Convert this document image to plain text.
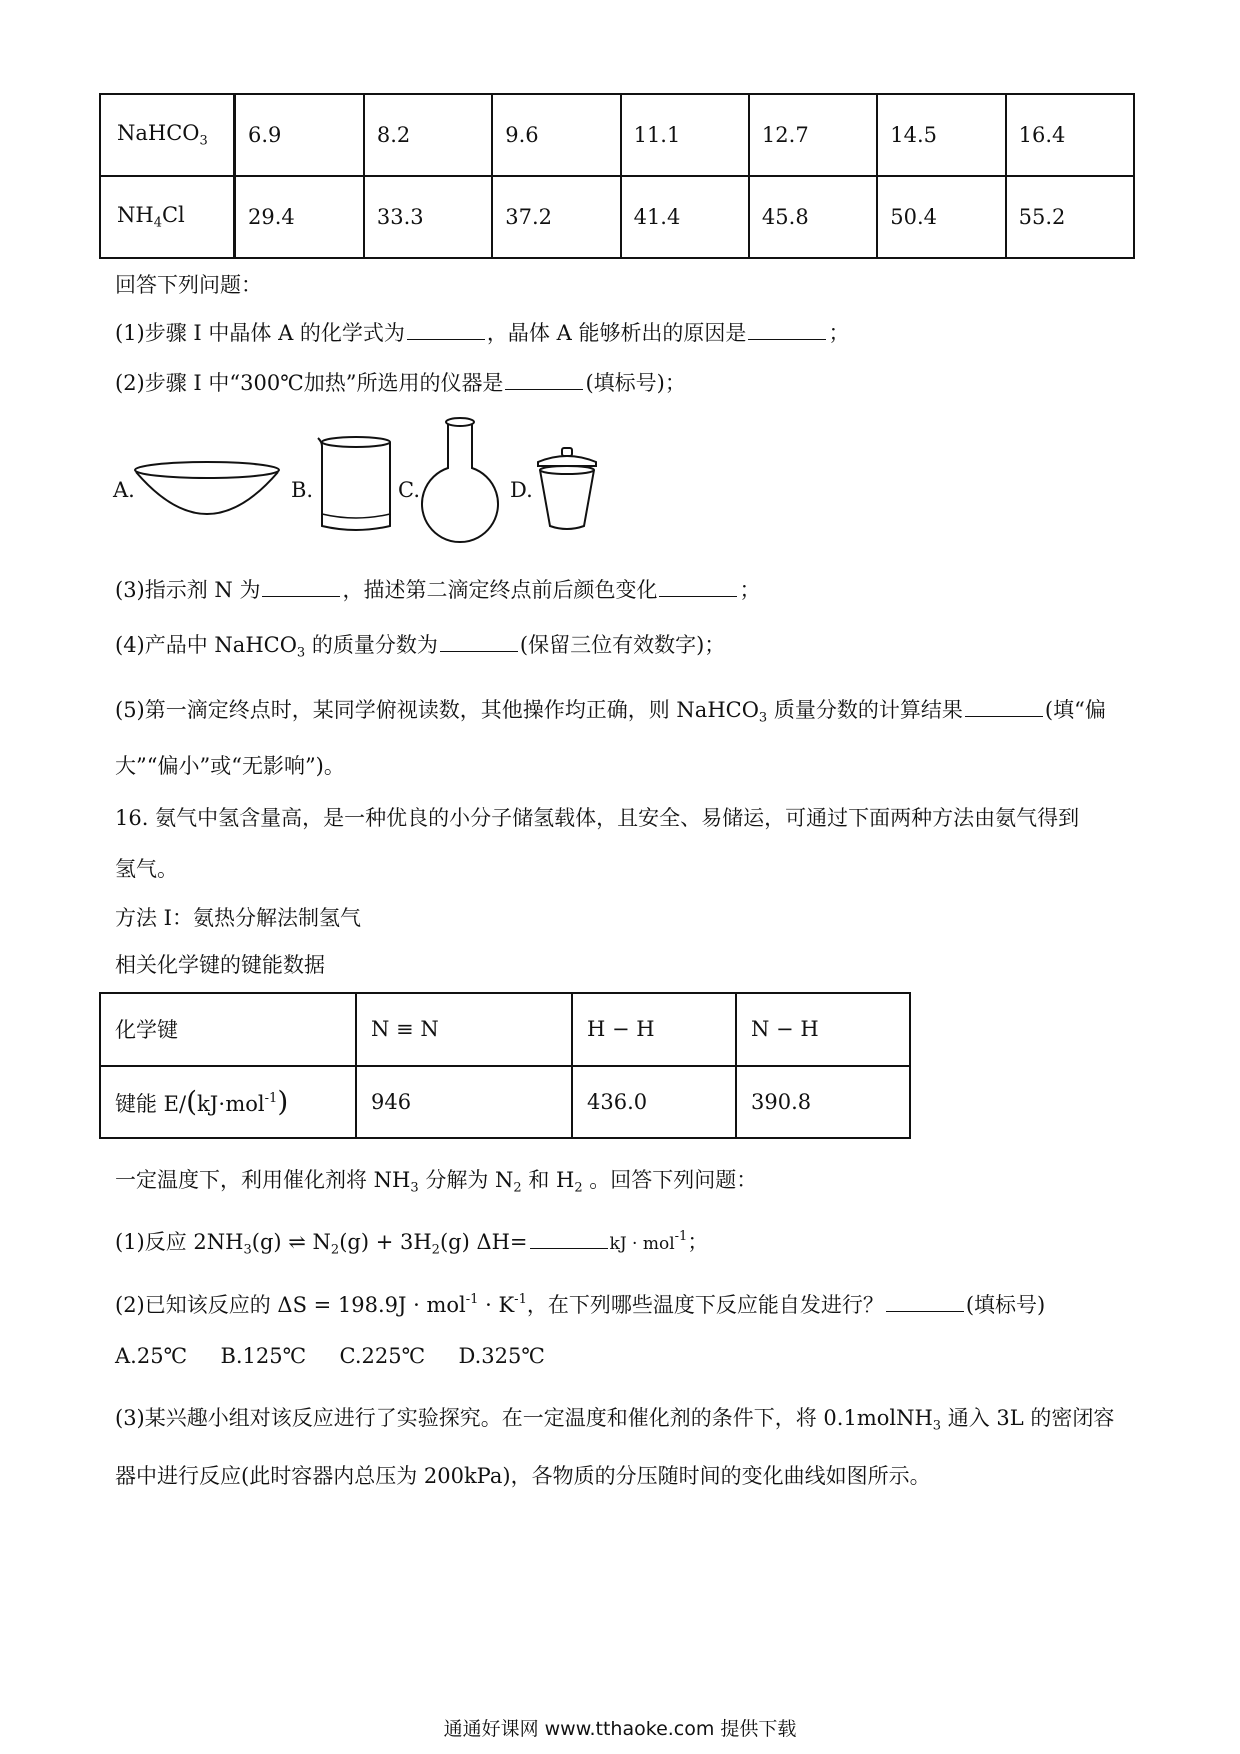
NaHCO$_3$	6.9	8.2	9.6	11.1	12.7	14.5	16.4
$NH_4Cl$	29.4	33.3	37.2	41.4	45.8	50.4	55.2
回答下列问题：
(1)步骤 I 中晶体 A 的化学式为	，晶体 A 能够析出的原因是	；
(2)步骤 I 中“300℃加热”所选用的仪器是	(填标号)；
A.	B.	C.	D.
(3)指示剂 N 为	，描述第二滴定终点前后颜色变化	；
(4)产品中 NaHCO$_3$ 的质量分数为	(保留三位有效数字)；
(5)第一滴定终点时，某同学俯视读数，其他操作均正确，则 NaHCO$_3$ 质量分数的计算结果	(填“偏
大”“偏小”或“无影响”)。
16. 氨气中氢含量高，是一种优良的小分子储氢载体，且安全、易储运，可通过下面两种方法由氨气得到
氢气。
方法 I：氨热分解法制氢气
相关化学键的键能数据
化学键	N ≡ N	H − H	N − H
键能 E/(kJ⋅mol$^{-1}$)	946	436.0	390.8
一定温度下，利用催化剂将 $NH_3$ 分解为 $N_2$ 和 $H_2$ 。回答下列问题：
(1)反应 $2NH_3(g)$ ⇌ $N_2(g) + 3H_2(g)$ ΔH=	kJ · mol$^{-1}$；
(2)已知该反应的 $\Delta S = 198.9J \cdot mol^{-1} \cdot K^{-1}$，在下列哪些温度下反应能自发进行？	(填标号)
A.25℃ B.125℃ C.225℃ D.325℃
(3)某兴趣小组对该反应进行了实验探究。在一定温度和催化剂的条件下，将 0.1molNH$_3$ 通入 3L 的密闭容
器中进行反应(此时容器内总压为 200kPa)，各物质的分压随时间的变化曲线如图所示。
通通好课网 www.tthaoke.com 提供下载
